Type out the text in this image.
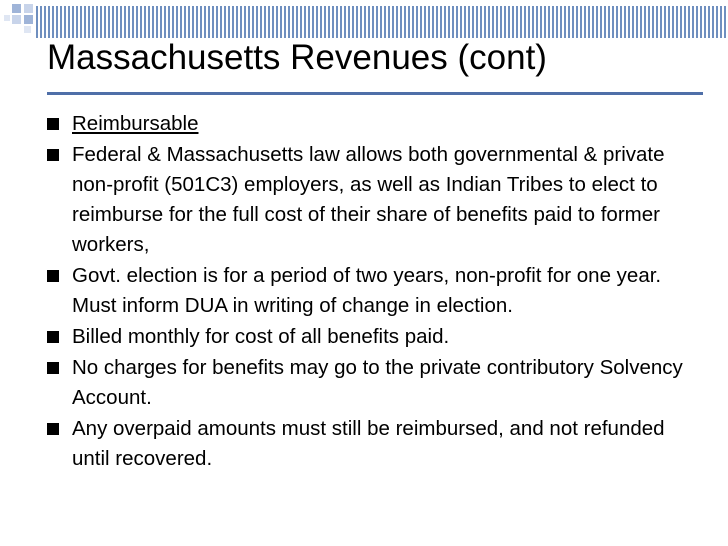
Massachusetts Revenues (cont)
Reimbursable
Federal & Massachusetts law allows both governmental & private non-profit (501C3) employers, as well as Indian Tribes to elect to reimburse for the full cost of their share of benefits paid to former workers,
Govt. election is for a period of two years, non-profit for one year. Must inform DUA in writing of change in election.
Billed monthly for cost of all benefits paid.
No charges for benefits may go to the private contributory Solvency Account.
Any overpaid amounts must still be reimbursed, and not refunded until recovered.
